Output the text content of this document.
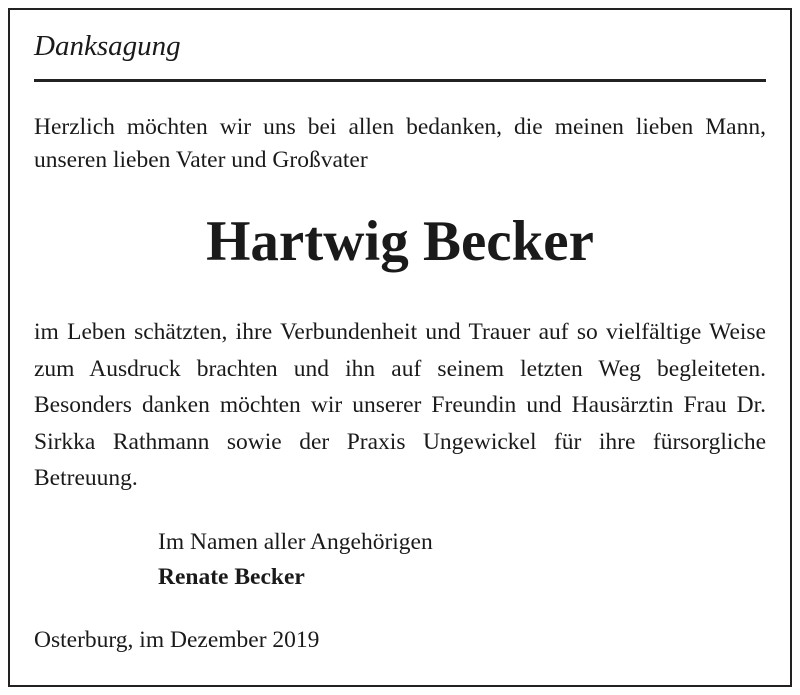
Danksagung

Herzlich möchten wir uns bei allen bedanken, die meinen lieben Mann, unseren lieben Vater und Großvater

Hartwig Becker

im Leben schätzten, ihre Verbundenheit und Trauer auf so vielfältige Weise zum Ausdruck brachten und ihn auf seinem letzten Weg begleiteten. Besonders danken möchten wir unserer Freundin und Hausärztin Frau Dr. Sirkka Rathmann sowie der Praxis Ungewickel für ihre fürsorgliche Betreuung.

Im Namen aller Angehörigen
Renate Becker
Osterburg, im Dezember 2019
